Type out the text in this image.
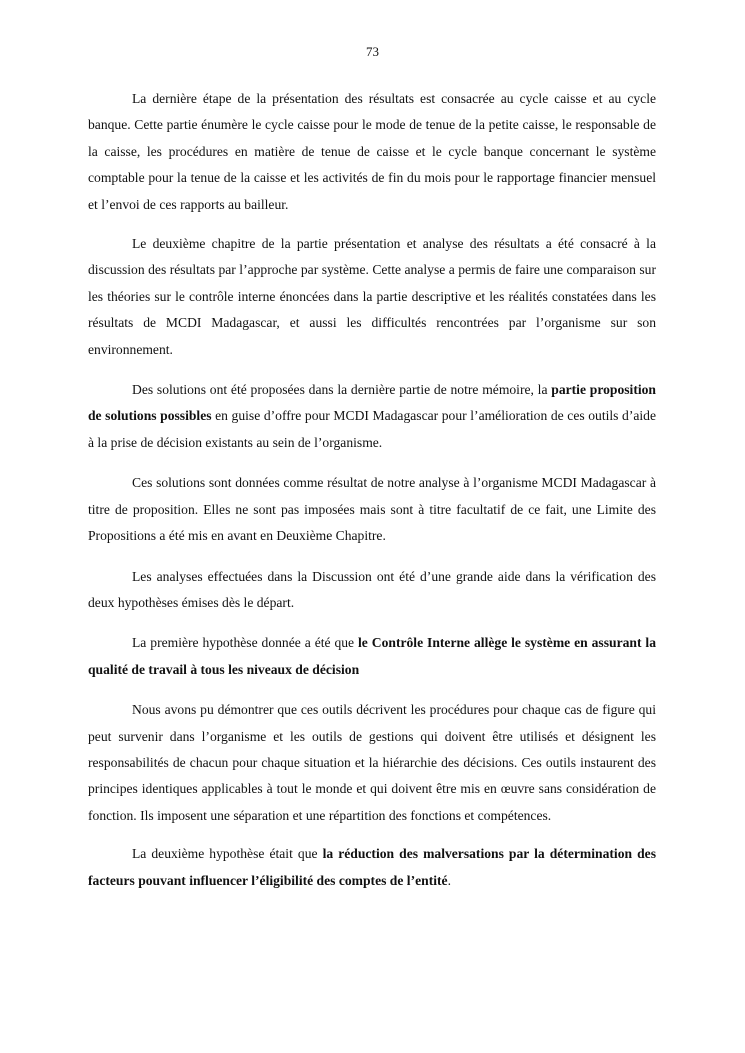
73

La dernière étape de la présentation des résultats est consacrée au cycle caisse et au cycle banque. Cette partie énumère le cycle caisse pour le mode de tenue de la petite caisse, le responsable de la caisse, les procédures en matière de tenue de caisse et le cycle banque concernant le système comptable pour la tenue de la caisse et les activités de fin du mois pour le rapportage financier mensuel et l’envoi de ces rapports au bailleur.

Le deuxième chapitre de la partie présentation et analyse des résultats a été consacré à la discussion des résultats par l’approche par système. Cette analyse a permis de faire une comparaison sur les théories sur le contrôle interne énoncées dans la partie descriptive et les réalités constatées dans les résultats de MCDI Madagascar, et aussi les difficultés rencontrées par l’organisme sur son environnement.

Des solutions ont été proposées dans la dernière partie de notre mémoire, la partie proposition de solutions possibles en guise d’offre pour MCDI Madagascar pour l’amélioration de ces outils d’aide à la prise de décision existants au sein de l’organisme.

Ces solutions sont données comme résultat de notre analyse à l’organisme MCDI Madagascar à titre de proposition. Elles ne sont pas imposées mais sont à titre facultatif de ce fait, une Limite des Propositions a été mis en avant en Deuxième Chapitre.

Les analyses effectuées dans la Discussion ont été d’une grande aide dans la vérification des deux hypothèses émises dès le départ.

La première hypothèse donnée a été que le Contrôle Interne allège le système en assurant la qualité de travail à tous les niveaux de décision

Nous avons pu démontrer que ces outils décrivent les procédures pour chaque cas de figure qui peut survenir dans l’organisme et les outils de gestions qui doivent être utilisés et désignent les responsabilités de chacun pour chaque situation et la hiérarchie des décisions. Ces outils instaurent des principes identiques applicables à tout le monde et qui doivent être mis en œuvre sans considération de fonction. Ils imposent une séparation et une répartition des fonctions et compétences.

La deuxième hypothèse était que la réduction des malversations par la détermination des facteurs pouvant influencer l’éligibilité des comptes de l’entité.
